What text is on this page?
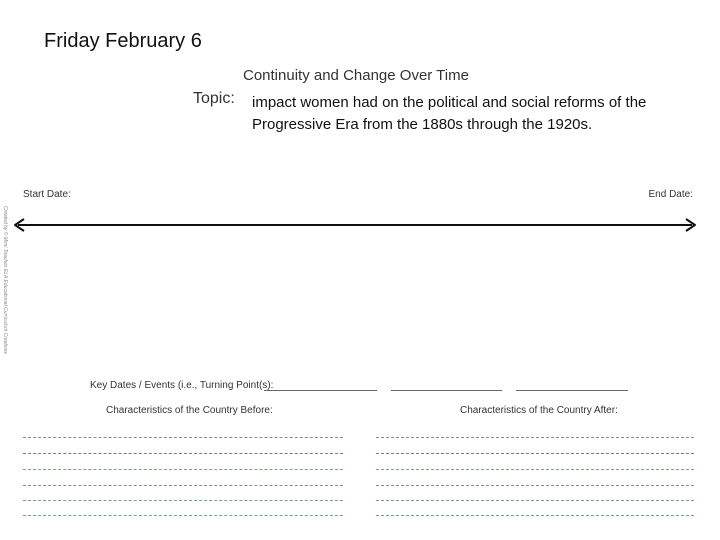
Friday February 6
Continuity and Change Over Time
Topic: impact women had on the political and social reforms of the Progressive Era from the 1880s through the 1920s.
Created by © Mimi Teaches ELA Educational Curriculum Creations
Start Date:	End Date:
Key Dates / Events (i.e., Turning Point(s):
Characteristics of the Country Before:	Characteristics of the Country After:
